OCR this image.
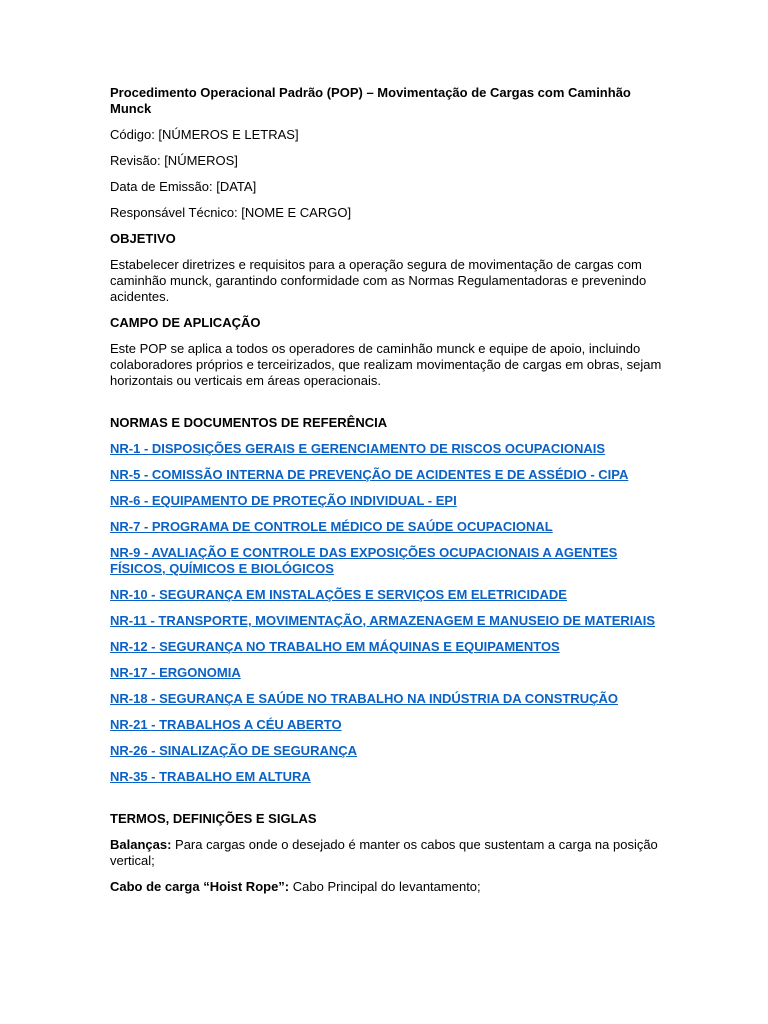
Procedimento Operacional Padrão (POP) – Movimentação de Cargas com Caminhão Munck

Código: [NÚMEROS E LETRAS]

Revisão: [NÚMEROS]

Data de Emissão: [DATA]

Responsável Técnico: [NOME E CARGO]

OBJETIVO

Estabelecer diretrizes e requisitos para a operação segura de movimentação de cargas com caminhão munck, garantindo conformidade com as Normas Regulamentadoras e prevenindo acidentes.

CAMPO DE APLICAÇÃO

Este POP se aplica a todos os operadores de caminhão munck e equipe de apoio, incluindo colaboradores próprios e terceirizados, que realizam movimentação de cargas em obras, sejam horizontais ou verticais em áreas operacionais.

NORMAS E DOCUMENTOS DE REFERÊNCIA

NR-1 - DISPOSIÇÕES GERAIS E GERENCIAMENTO DE RISCOS OCUPACIONAIS
NR-5 - COMISSÃO INTERNA DE PREVENÇÃO DE ACIDENTES E DE ASSÉDIO - CIPA
NR-6 - EQUIPAMENTO DE PROTEÇÃO INDIVIDUAL - EPI
NR-7 - PROGRAMA DE CONTROLE MÉDICO DE SAÚDE OCUPACIONAL
NR-9 - AVALIAÇÃO E CONTROLE DAS EXPOSIÇÕES OCUPACIONAIS A AGENTES FÍSICOS, QUÍMICOS E BIOLÓGICOS
NR-10 - SEGURANÇA EM INSTALAÇÕES E SERVIÇOS EM ELETRICIDADE
NR-11 - TRANSPORTE, MOVIMENTAÇÃO, ARMAZENAGEM E MANUSEIO DE MATERIAIS
NR-12 - SEGURANÇA NO TRABALHO EM MÁQUINAS E EQUIPAMENTOS
NR-17 - ERGONOMIA
NR-18 - SEGURANÇA E SAÚDE NO TRABALHO NA INDÚSTRIA DA CONSTRUÇÃO
NR-21 - TRABALHOS A CÉU ABERTO
NR-26 - SINALIZAÇÃO DE SEGURANÇA
NR-35 - TRABALHO EM ALTURA

TERMOS, DEFINIÇÕES E SIGLAS

Balanças: Para cargas onde o desejado é manter os cabos que sustentam a carga na posição vertical;

Cabo de carga “Hoist Rope”: Cabo Principal do levantamento;
